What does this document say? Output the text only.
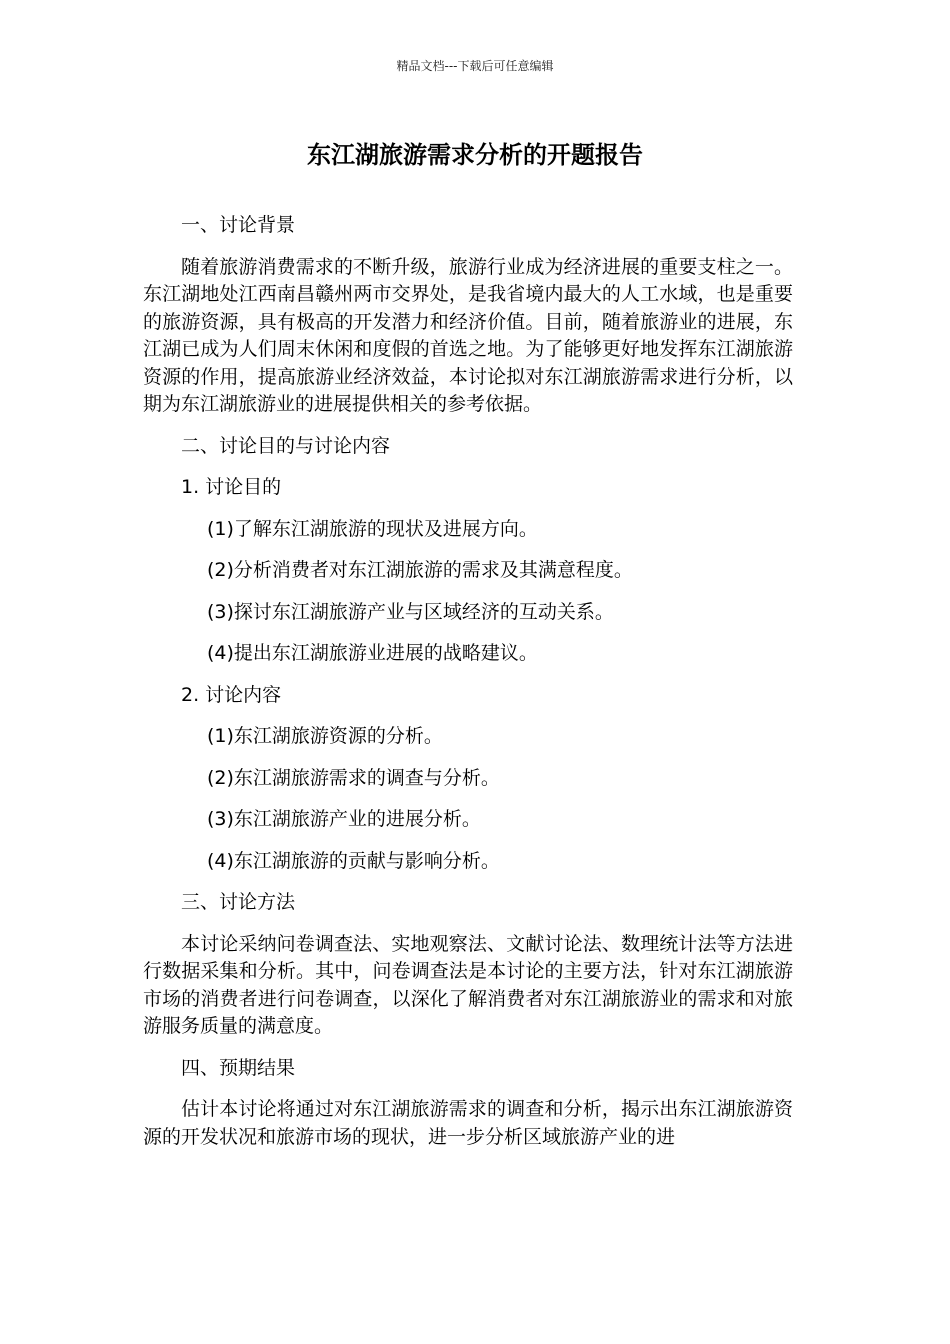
精品文档---下载后可任意编辑
东江湖旅游需求分析的开题报告

一、讨论背景

随着旅游消费需求的不断升级，旅游行业成为经济进展的重要支柱之一。东江湖地处江西南昌赣州两市交界处，是我省境内最大的人工水域，也是重要的旅游资源，具有极高的开发潜力和经济价值。目前，随着旅游业的进展，东江湖已成为人们周末休闲和度假的首选之地。为了能够更好地发挥东江湖旅游资源的作用，提高旅游业经济效益，本讨论拟对东江湖旅游需求进行分析，以期为东江湖旅游业的进展提供相关的参考依据。

二、讨论目的与讨论内容

1. 讨论目的

(1)了解东江湖旅游的现状及进展方向。

(2)分析消费者对东江湖旅游的需求及其满意程度。

(3)探讨东江湖旅游产业与区域经济的互动关系。

(4)提出东江湖旅游业进展的战略建议。

2. 讨论内容

(1)东江湖旅游资源的分析。

(2)东江湖旅游需求的调查与分析。

(3)东江湖旅游产业的进展分析。

(4)东江湖旅游的贡献与影响分析。

三、讨论方法

本讨论采纳问卷调查法、实地观察法、文献讨论法、数理统计法等方法进行数据采集和分析。其中，问卷调查法是本讨论的主要方法，针对东江湖旅游市场的消费者进行问卷调查，以深化了解消费者对东江湖旅游业的需求和对旅游服务质量的满意度。

四、预期结果

估计本讨论将通过对东江湖旅游需求的调查和分析，揭示出东江湖旅游资源的开发状况和旅游市场的现状，进一步分析区域旅游产业的进
